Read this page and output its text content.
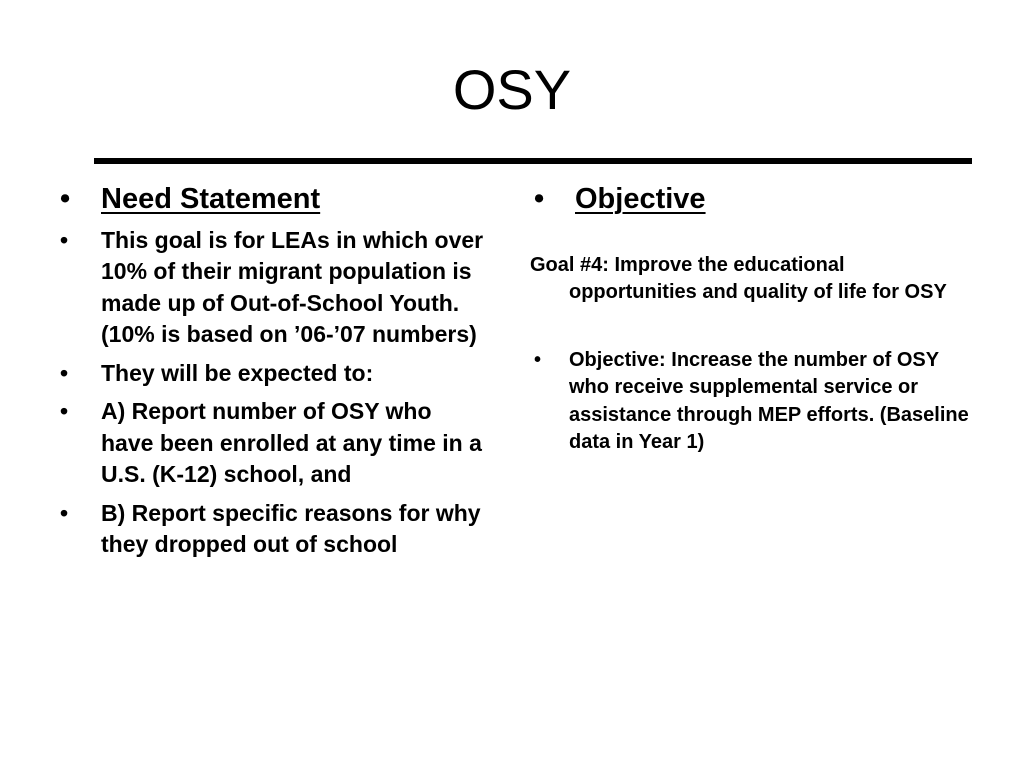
OSY
• Need Statement
• This goal is for LEAs in which over 10% of their migrant population is made up of Out-of-School Youth. (10% is based on ’06-’07 numbers)
• They will be expected to:
• A) Report number of OSY who have been enrolled at any time in a U.S. (K-12) school, and
• B) Report specific reasons for why they dropped out of school
• Objective

Goal #4: Improve the educational opportunities and quality of life for OSY

• Objective: Increase the number of OSY who receive supplemental service or assistance through MEP efforts. (Baseline data in Year 1)
